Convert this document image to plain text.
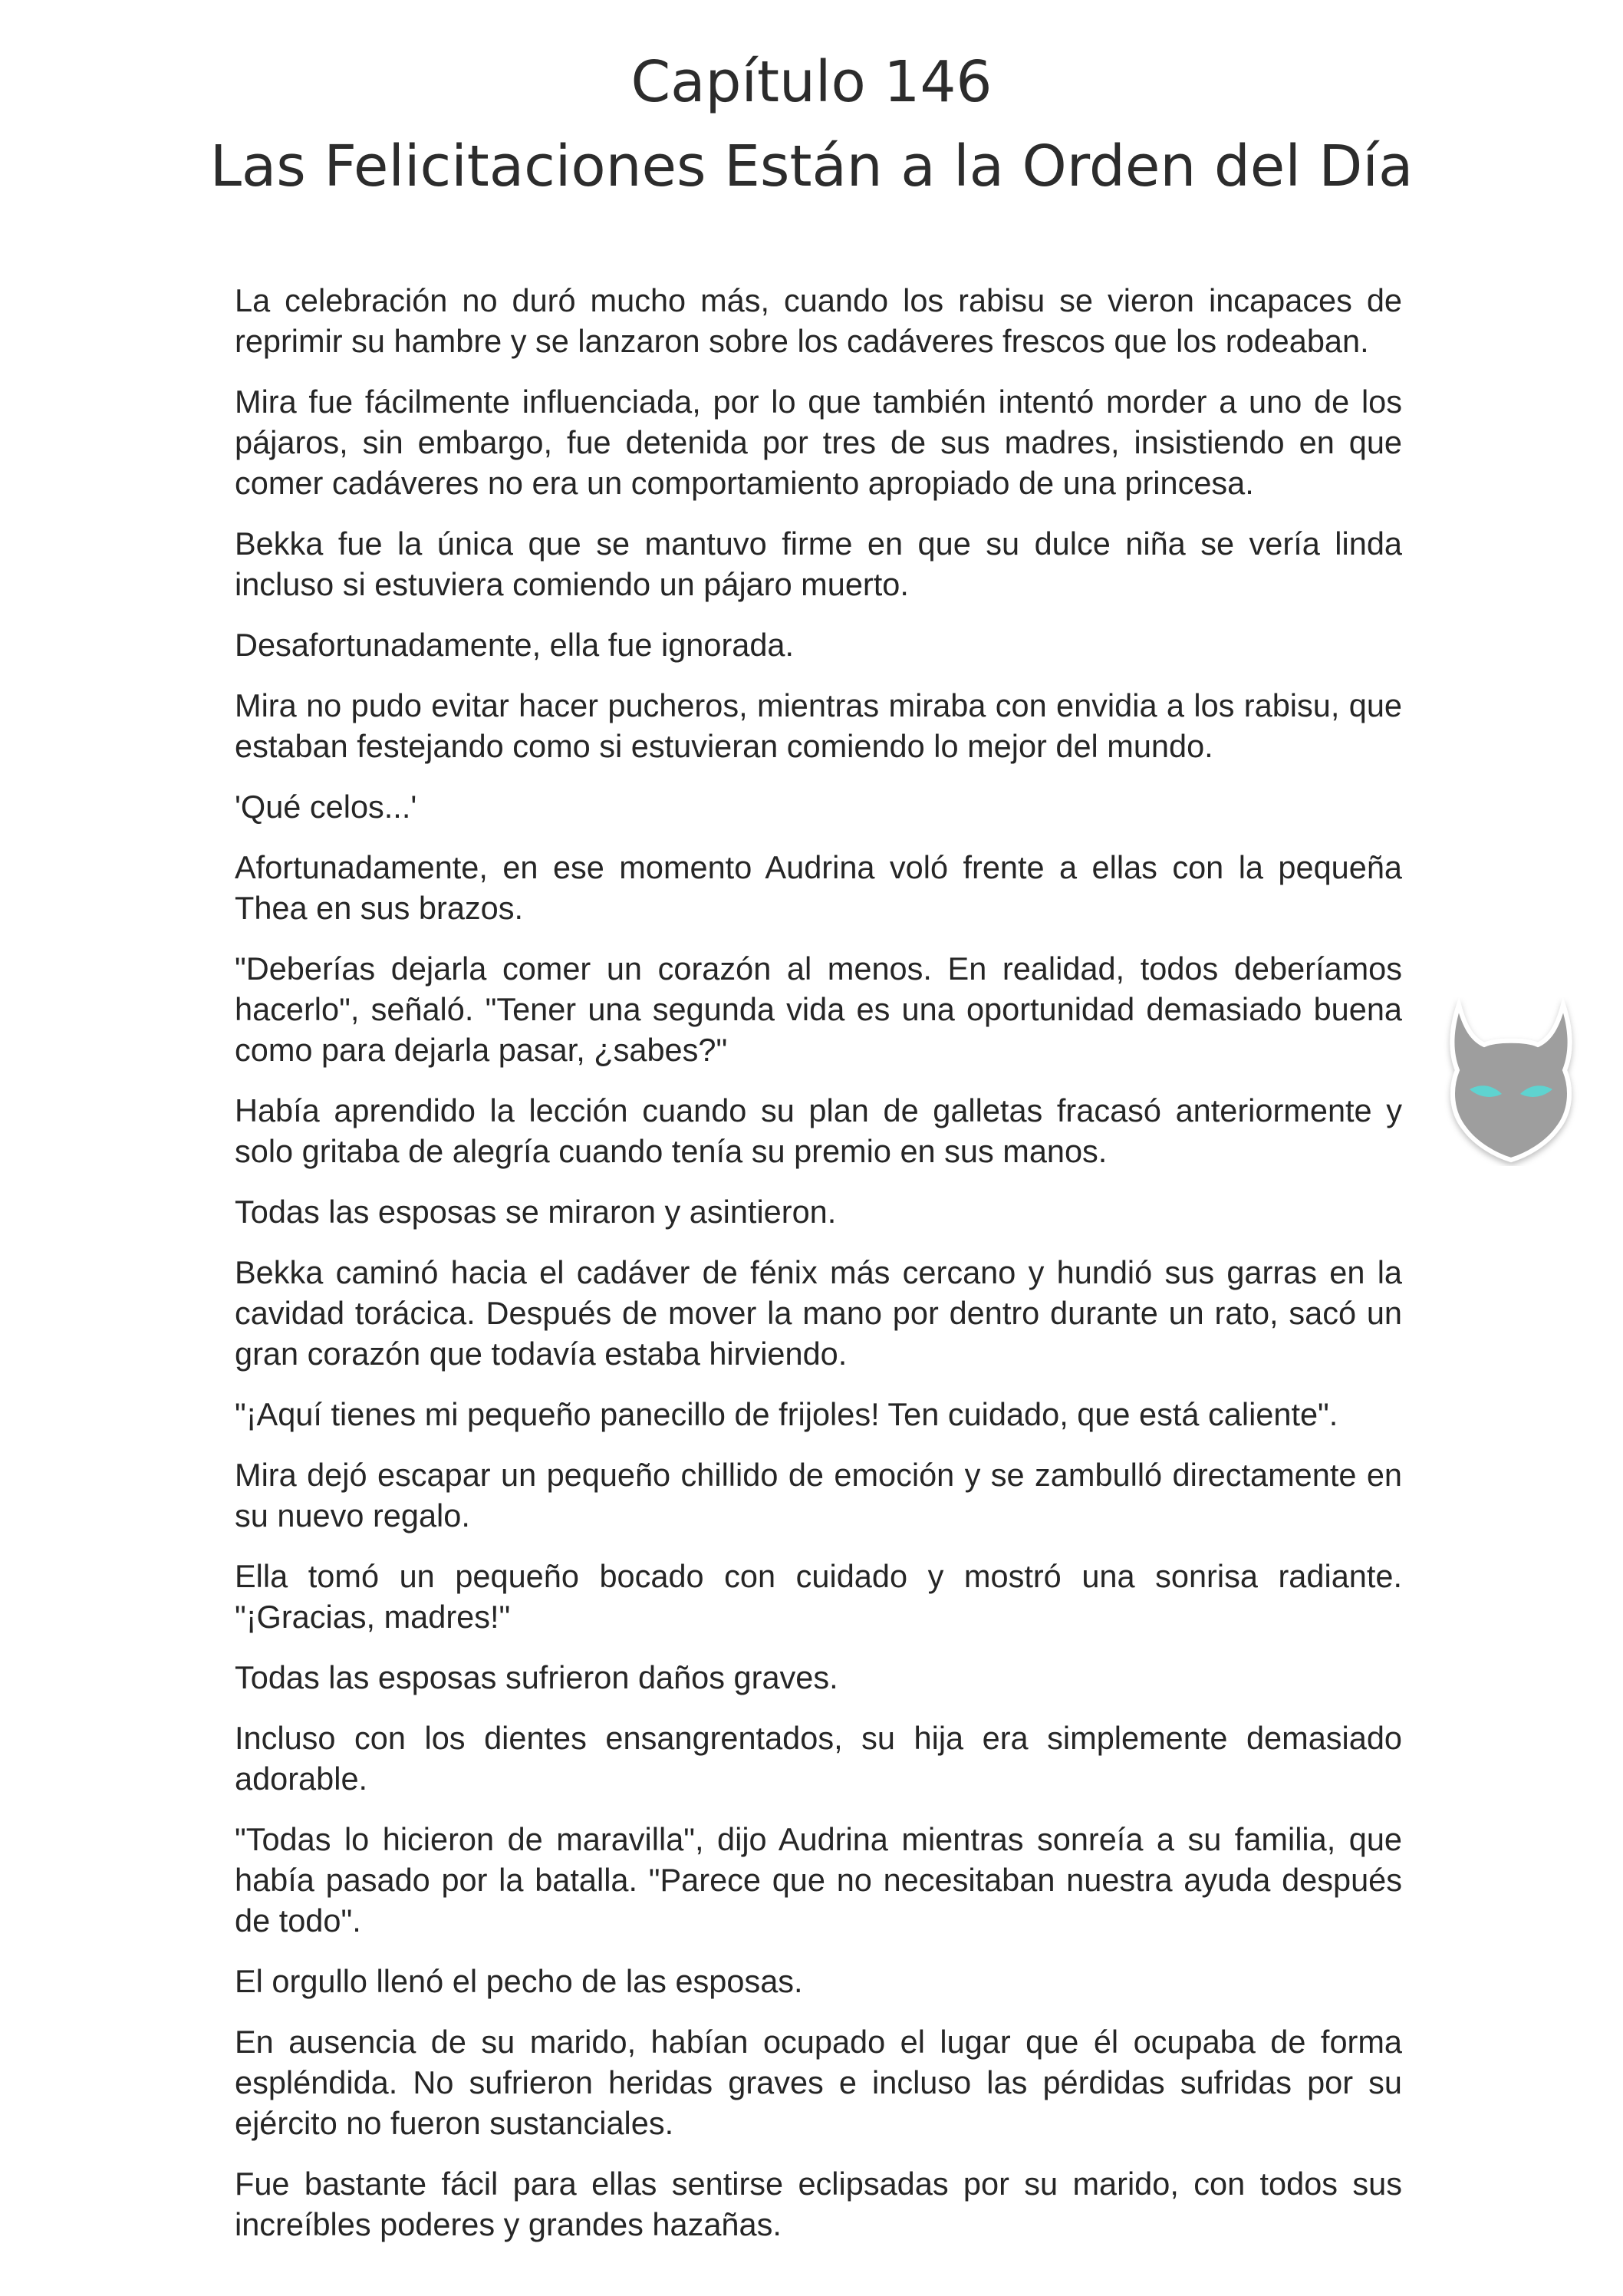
Capítulo 146
Las Felicitaciones Están a la Orden del Día

La celebración no duró mucho más, cuando los rabisu se vieron incapaces de reprimir su hambre y se lanzaron sobre los cadáveres frescos que los rodeaban.

Mira fue fácilmente influenciada, por lo que también intentó morder a uno de los pájaros, sin embargo, fue detenida por tres de sus madres, insistiendo en que comer cadáveres no era un comportamiento apropiado de una princesa.

Bekka fue la única que se mantuvo firme en que su dulce niña se vería linda incluso si estuviera comiendo un pájaro muerto.

Desafortunadamente, ella fue ignorada.

Mira no pudo evitar hacer pucheros, mientras miraba con envidia a los rabisu, que estaban festejando como si estuvieran comiendo lo mejor del mundo.

'Qué celos...'

Afortunadamente, en ese momento Audrina voló frente a ellas con la pequeña Thea en sus brazos.

"Deberías dejarla comer un corazón al menos. En realidad, todos deberíamos hacerlo", señaló. "Tener una segunda vida es una oportunidad demasiado buena como para dejarla pasar, ¿sabes?"

Había aprendido la lección cuando su plan de galletas fracasó anteriormente y solo gritaba de alegría cuando tenía su premio en sus manos.

Todas las esposas se miraron y asintieron.

Bekka caminó hacia el cadáver de fénix más cercano y hundió sus garras en la cavidad torácica. Después de mover la mano por dentro durante un rato, sacó un gran corazón que todavía estaba hirviendo.

"¡Aquí tienes mi pequeño panecillo de frijoles! Ten cuidado, que está caliente".

Mira dejó escapar un pequeño chillido de emoción y se zambulló directamente en su nuevo regalo.

Ella tomó un pequeño bocado con cuidado y mostró una sonrisa radiante. "¡Gracias, madres!"

Todas las esposas sufrieron daños graves.

Incluso con los dientes ensangrentados, su hija era simplemente demasiado adorable.

"Todas lo hicieron de maravilla", dijo Audrina mientras sonreía a su familia, que había pasado por la batalla. "Parece que no necesitaban nuestra ayuda después de todo".

El orgullo llenó el pecho de las esposas.

En ausencia de su marido, habían ocupado el lugar que él ocupaba de forma espléndida. No sufrieron heridas graves e incluso las pérdidas sufridas por su ejército no fueron sustanciales.

Fue bastante fácil para ellas sentirse eclipsadas por su marido, con todos sus increíbles poderes y grandes hazañas.
